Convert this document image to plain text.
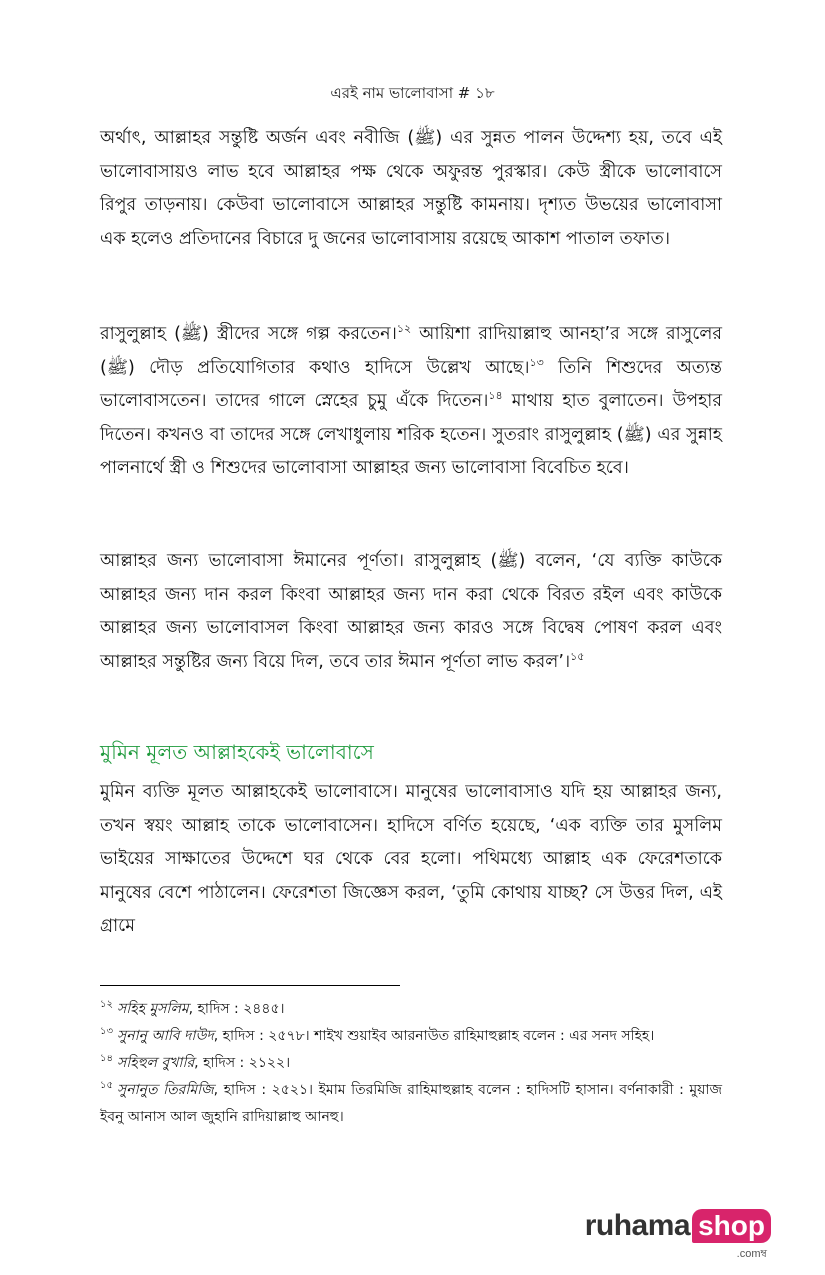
এরই নাম ভালোবাসা # ১৮

অর্থাৎ, আল্লাহর সন্তুষ্টি অর্জন এবং নবীজি (ﷺ) এর সুন্নত পালন উদ্দেশ্য হয়, তবে এই ভালোবাসায়ও লাভ হবে আল্লাহর পক্ষ থেকে অফুরন্ত পুরস্কার। কেউ স্ত্রীকে ভালোবাসে রিপুর তাড়নায়। কেউবা ভালোবাসে আল্লাহর সন্তুষ্টি কামনায়। দৃশ্যত উভয়ের ভালোবাসা এক হলেও প্রতিদানের বিচারে দু জনের ভালোবাসায় রয়েছে আকাশ পাতাল তফাত।

রাসুলুল্লাহ (ﷺ) স্ত্রীদের সঙ্গে গল্প করতেন।$^{১২}$ আয়িশা রাদিয়াল্লাহু আনহা’র সঙ্গে রাসুলের (ﷺ) দৌড় প্রতিযোগিতার কথাও হাদিসে উল্লেখ আছে।$^{১৩}$ তিনি শিশুদের অত্যন্ত ভালোবাসতেন। তাদের গালে স্নেহের চুমু এঁকে দিতেন।$^{১৪}$ মাথায় হাত বুলাতেন। উপহার দিতেন। কখনও বা তাদের সঙ্গে লেখাধুলায় শরিক হতেন। সুতরাং রাসুলুল্লাহ (ﷺ) এর সুন্নাহ পালনার্থে স্ত্রী ও শিশুদের ভালোবাসা আল্লাহর জন্য ভালোবাসা বিবেচিত হবে।

আল্লাহর জন্য ভালোবাসা ঈমানের পূর্ণতা। রাসুলুল্লাহ (ﷺ) বলেন, ‘যে ব্যক্তি কাউকে আল্লাহর জন্য দান করল কিংবা আল্লাহর জন্য দান করা থেকে বিরত রইল এবং কাউকে আল্লাহর জন্য ভালোবাসল কিংবা আল্লাহর জন্য কারও সঙ্গে বিদ্বেষ পোষণ করল এবং আল্লাহর সন্তুষ্টির জন্য বিয়ে দিল, তবে তার ঈমান পূর্ণতা লাভ করল’।$^{১৫}$

মুমিন মূলত আল্লাহকেই ভালোবাসে

মুমিন ব্যক্তি মূলত আল্লাহকেই ভালোবাসে। মানুষের ভালোবাসাও যদি হয় আল্লাহর জন্য, তখন স্বয়ং আল্লাহ তাকে ভালোবাসেন। হাদিসে বর্ণিত হয়েছে, ‘এক ব্যক্তি তার মুসলিম ভাইয়ের সাক্ষাতের উদ্দেশে ঘর থেকে বের হলো। পথিমধ্যে আল্লাহ এক ফেরেশতাকে মানুষের বেশে পাঠালেন। ফেরেশতা জিজ্ঞেস করল, ‘তুমি কোথায় যাচ্ছ? সে উত্তর দিল, এই গ্রামে

$^{১২}$ সহিহ মুসলিম, হাদিস : ২৪৪৫।

$^{১৩}$ সুনানু আবি দাউদ, হাদিস : ২৫৭৮। শাইখ শুয়াইব আরনাউত রাহিমাহুল্লাহ বলেন : এর সনদ সহিহ।

$^{১৪}$ সহিহুল বুখারি, হাদিস : ২১২২।

$^{১৫}$ সুনানুত তিরমিজি, হাদিস : ২৫২১। ইমাম তিরমিজি রাহিমাহুল্লাহ বলেন : হাদিসটি হাসান। বর্ণনাকারী : মুয়াজ ইবনু আনাস আল জুহানি রাদিয়াল্লাহু আনহু।

ruhama shop
.comম্ব
